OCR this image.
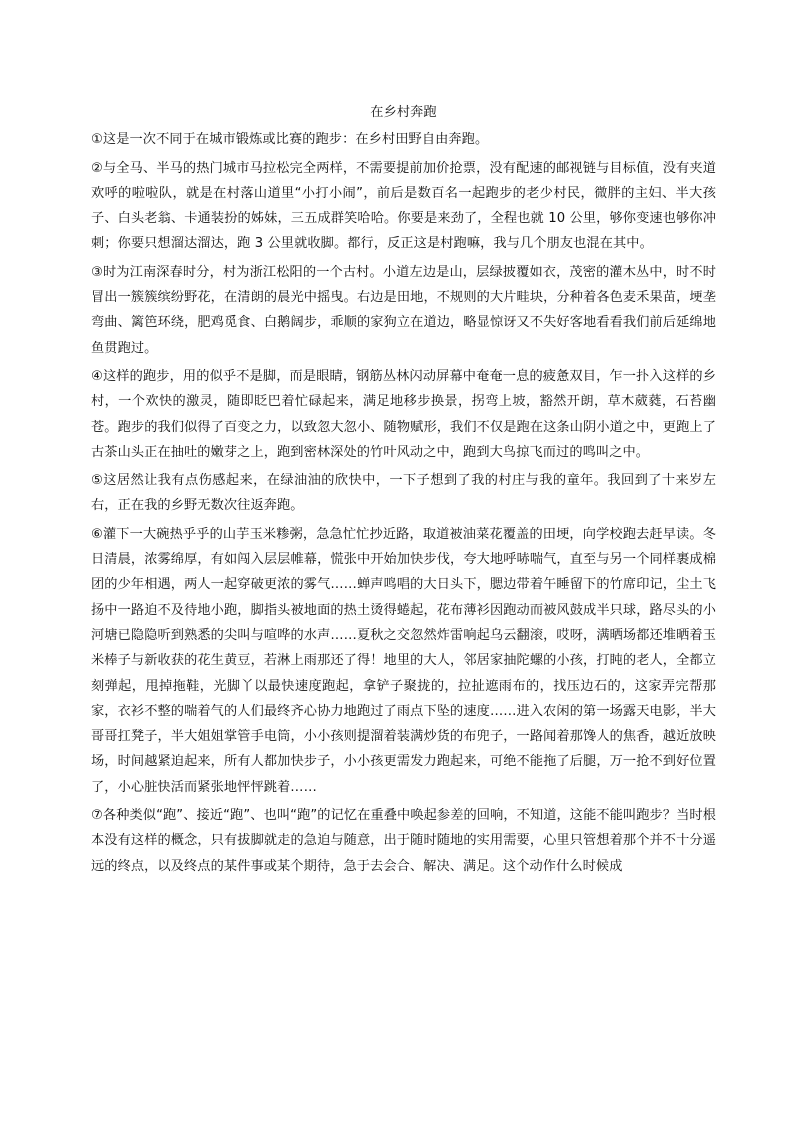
在乡村奔跑

①这是一次不同于在城市锻炼或比赛的跑步：在乡村田野自由奔跑。

②与全马、半马的热门城市马拉松完全两样，不需要提前加价抢票，没有配速的邮视链与目标值，没有夹道欢呼的啦啦队，就是在村落山道里“小打小闹”，前后是数百名一起跑步的老少村民，微胖的主妇、半大孩子、白头老翁、卡通装扮的姊妹，三五成群笑哈哈。你要是来劲了，全程也就 10 公里，够你变速也够你冲刺；你要只想溜达溜达，跑 3 公里就收脚。都行，反正这是村跑嘛，我与几个朋友也混在其中。

③时为江南深春时分，村为浙江松阳的一个古村。小道左边是山，层绿披覆如衣，茂密的灌木丛中，时不时冒出一簇簇缤纷野花，在清朗的晨光中摇曳。右边是田地，不规则的大片畦块，分种着各色麦禾果苗，埂垄弯曲、篱笆环绕，肥鸡觅食、白鹅阔步，乖顺的家狗立在道边，略显惊讶又不失好客地看看我们前后延绵地鱼贯跑过。

④这样的跑步，用的似乎不是脚，而是眼睛，钢筋丛林闪动屏幕中奄奄一息的疲惫双目，乍一扑入这样的乡村，一个欢快的激灵，随即眨巴着忙碌起来，满足地移步换景，拐弯上坡，豁然开朗，草木葳蕤，石苔幽苍。跑步的我们似得了百变之力，以致忽大忽小、随物赋形，我们不仅是跑在这条山阴小道之中，更跑上了古茶山头正在抽吐的嫩芽之上，跑到密林深处的竹叶风动之中，跑到大鸟掠飞而过的鸣叫之中。

⑤这居然让我有点伤感起来，在绿油油的欣快中，一下子想到了我的村庄与我的童年。我回到了十来岁左右，正在我的乡野无数次往返奔跑。

⑥灌下一大碗热乎乎的山芋玉米糁粥，急急忙忙抄近路，取道被油菜花覆盖的田埂，向学校跑去赶早读。冬日清晨，浓雾绵厚，有如闯入层层帷幕，慌张中开始加快步伐，夸大地呼哧喘气，直至与另一个同样裹成棉团的少年相遇，两人一起穿破更浓的雾气……蝉声鸣唱的大日头下，腮边带着午睡留下的竹席印记，尘土飞扬中一路迫不及待地小跑，脚指头被地面的热土烫得蜷起，花布薄衫因跑动而被风鼓成半只球，路尽头的小河塘已隐隐听到熟悉的尖叫与喧哗的水声……夏秋之交忽然炸雷响起乌云翻滚，哎呀，满晒场都还堆晒着玉米棒子与新收获的花生黄豆，若淋上雨那还了得！地里的大人，邻居家抽陀螺的小孩，打盹的老人，全都立刻弹起，甩掉拖鞋，光脚丫以最快速度跑起，拿铲子聚拢的，拉扯遮雨布的，找压边石的，这家弄完帮那家，衣衫不整的喘着气的人们最终齐心协力地跑过了雨点下坠的速度……进入农闲的第一场露天电影，半大哥哥扛凳子，半大姐姐掌管手电筒，小小孩则提溜着装满炒货的布兜子，一路闻着那馋人的焦香，越近放映场，时间越紧迫起来，所有人都加快步子，小小孩更需发力跑起来，可绝不能拖了后腿，万一抢不到好位置了，小心脏快活而紧张地怦怦跳着……

⑦各种类似“跑”、接近“跑”、也叫“跑”的记忆在重叠中唤起参差的回响，不知道，这能不能叫跑步？当时根本没有这样的概念，只有拔脚就走的急迫与随意，出于随时随地的实用需要，心里只管想着那个并不十分遥远的终点，以及终点的某件事或某个期待，急于去会合、解决、满足。这个动作什么时候成
